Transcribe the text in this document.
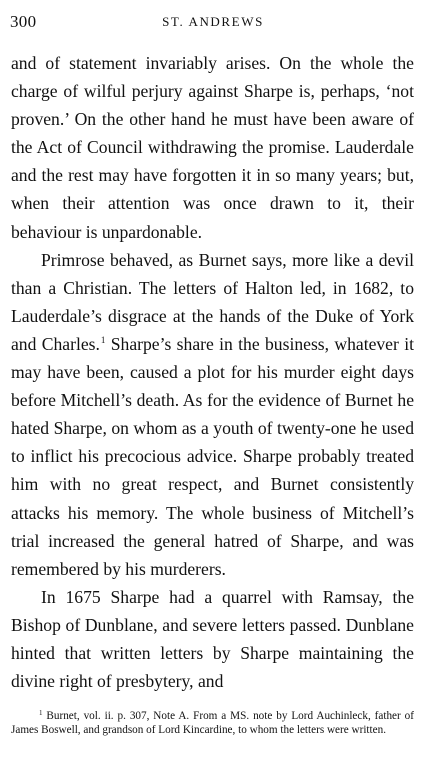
300	ST. ANDREWS

and of statement invariably arises. On the whole the charge of wilful perjury against Sharpe is, perhaps, ‘not proven.’ On the other hand he must have been aware of the Act of Council withdrawing the promise. Lauderdale and the rest may have forgotten it in so many years; but, when their attention was once drawn to it, their behaviour is unpardonable.

Primrose behaved, as Burnet says, more like a devil than a Christian. The letters of Halton led, in 1682, to Lauderdale’s disgrace at the hands of the Duke of York and Charles.$^1$ Sharpe’s share in the business, whatever it may have been, caused a plot for his murder eight days before Mitchell’s death. As for the evidence of Burnet he hated Sharpe, on whom as a youth of twenty-one he used to inflict his precocious advice. Sharpe probably treated him with no great respect, and Burnet consistently attacks his memory. The whole business of Mitchell’s trial increased the general hatred of Sharpe, and was remembered by his murderers.

In 1675 Sharpe had a quarrel with Ramsay, the Bishop of Dunblane, and severe letters passed. Dunblane hinted that written letters by Sharpe maintaining the divine right of presbytery, and

$^1$ Burnet, vol. ii. p. 307, Note A. From a MS. note by Lord Auchinleck, father of James Boswell, and grandson of Lord Kincardine, to whom the letters were written.
